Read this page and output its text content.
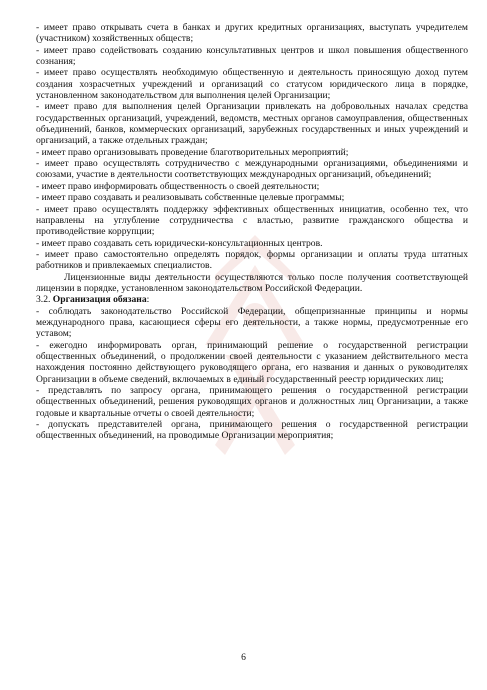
- имеет право открывать счета в банках и других кредитных организациях, выступать учредителем (участником) хозяйственных обществ;

- имеет право содействовать созданию консультативных центров и школ повышения общественного сознания;

- имеет право осуществлять необходимую общественную и деятельность приносящую доход путем создания хозрасчетных учреждений и организаций со статусом юридического лица в порядке, установленном законодательством для выполнения целей Организации;

- имеет право для выполнения целей Организации привлекать на добровольных началах средства государственных организаций, учреждений, ведомств, местных органов самоуправления, общественных объединений, банков, коммерческих организаций, зарубежных государственных и иных учреждений и организаций, а также отдельных граждан;

- имеет право организовывать проведение благотворительных мероприятий;

- имеет право осуществлять сотрудничество с международными организациями, объединениями и союзами, участие в деятельности соответствующих международных организаций, объединений;

- имеет право информировать общественность о своей деятельности;

- имеет право создавать и реализовывать собственные целевые программы;

- имеет право осуществлять поддержку эффективных общественных инициатив, особенно тех, что направлены на углубление сотрудничества с властью, развитие гражданского общества и противодействие коррупции;

- имеет право создавать сеть юридически-консультационных центров.

- имеет право самостоятельно определять порядок, формы организации и оплаты труда штатных работников и привлекаемых специалистов.

Лицензионные виды деятельности осуществляются только после получения соответствующей лицензии в порядке, установленном законодательством Российской Федерации.

3.2. Организация обязана:

- соблюдать законодательство Российской Федерации, общепризнанные принципы и нормы международного права, касающиеся сферы его деятельности, а также нормы, предусмотренные его уставом;

- ежегодно информировать орган, принимающий решение о государственной регистрации общественных объединений, о продолжении своей деятельности с указанием действительного места нахождения постоянно действующего руководящего органа, его названия и данных о руководителях Организации в объеме сведений, включаемых в единый государственный реестр юридических лиц;

- представлять по запросу органа, принимающего решения о государственной регистрации общественных объединений, решения руководящих органов и должностных лиц Организации, а также годовые и квартальные отчеты о своей деятельности;

- допускать представителей органа, принимающего решения о государственной регистрации общественных объединений, на проводимые Организации мероприятия;

6
